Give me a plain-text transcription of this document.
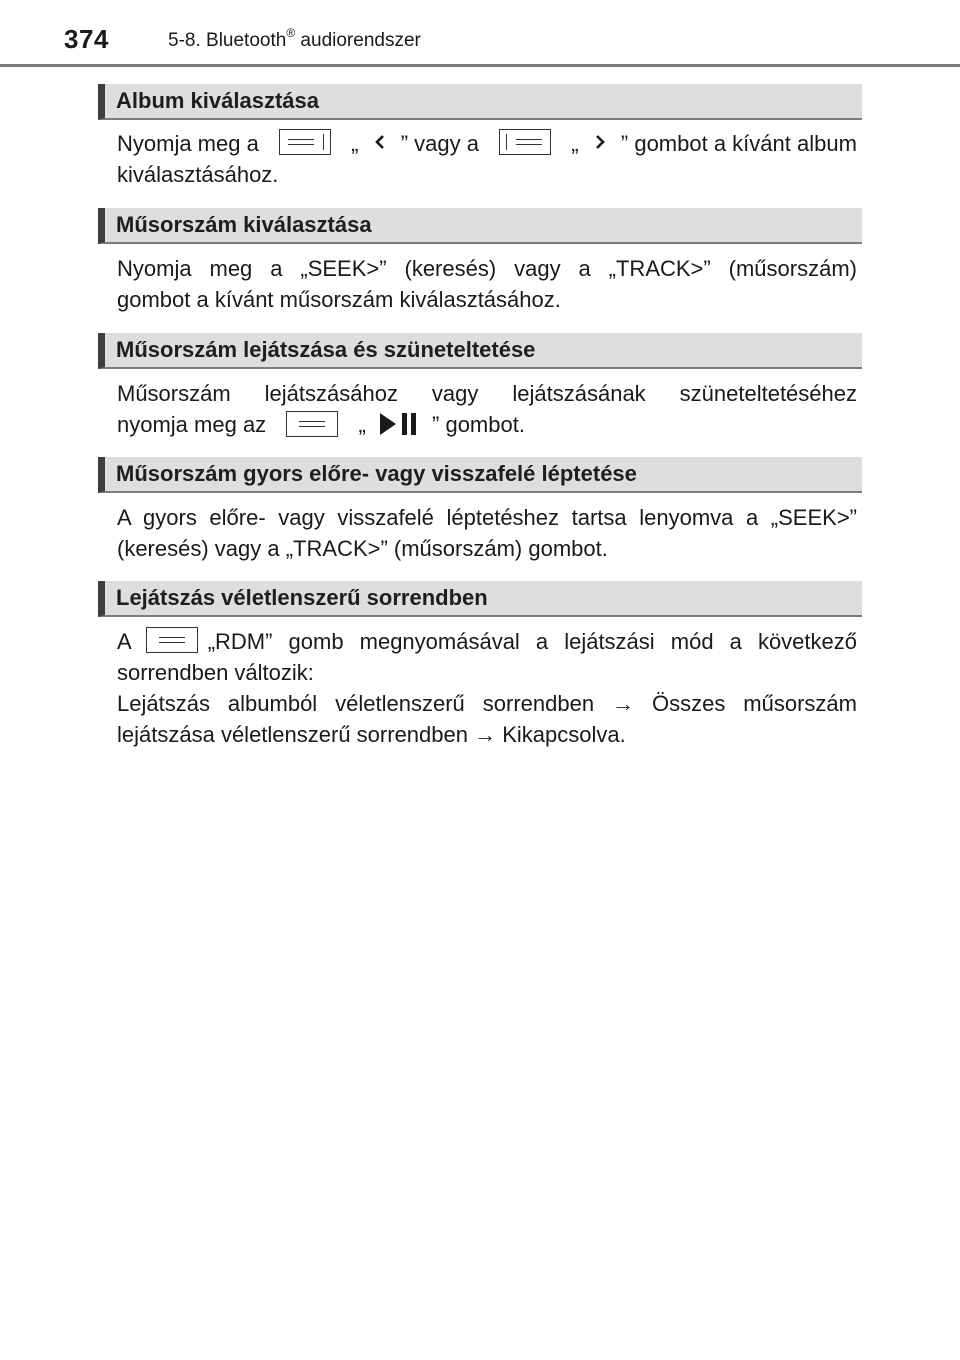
374	5-8. Bluetooth® audiorendszer
Album kiválasztása
Nyomja meg a	„ ” vagy a	„ ” gombot a kívánt album
kiválasztásához.
Műsorszám kiválasztása
Nyomja meg a „SEEK>” (keresés) vagy a „TRACK>” (műsorszám)
gombot a kívánt műsorszám kiválasztásához.
Műsorszám lejátszása és szüneteltetése
Műsorszám lejátszásához vagy lejátszásának szüneteltetéséhez
nyomja meg az	„	” gombot.
Műsorszám gyors előre- vagy visszafelé léptetése
A gyors előre- vagy visszafelé léptetéshez tartsa lenyomva a „SEEK>”
(keresés) vagy a „TRACK>” (műsorszám) gombot.
Lejátszás véletlenszerű sorrendben
A	„RDM” gomb megnyomásával a lejátszási mód a következő
sorrendben változik:
Lejátszás albumból véletlenszerű sorrendben → Összes műsorszám
lejátszása véletlenszerű sorrendben → Kikapcsolva.
